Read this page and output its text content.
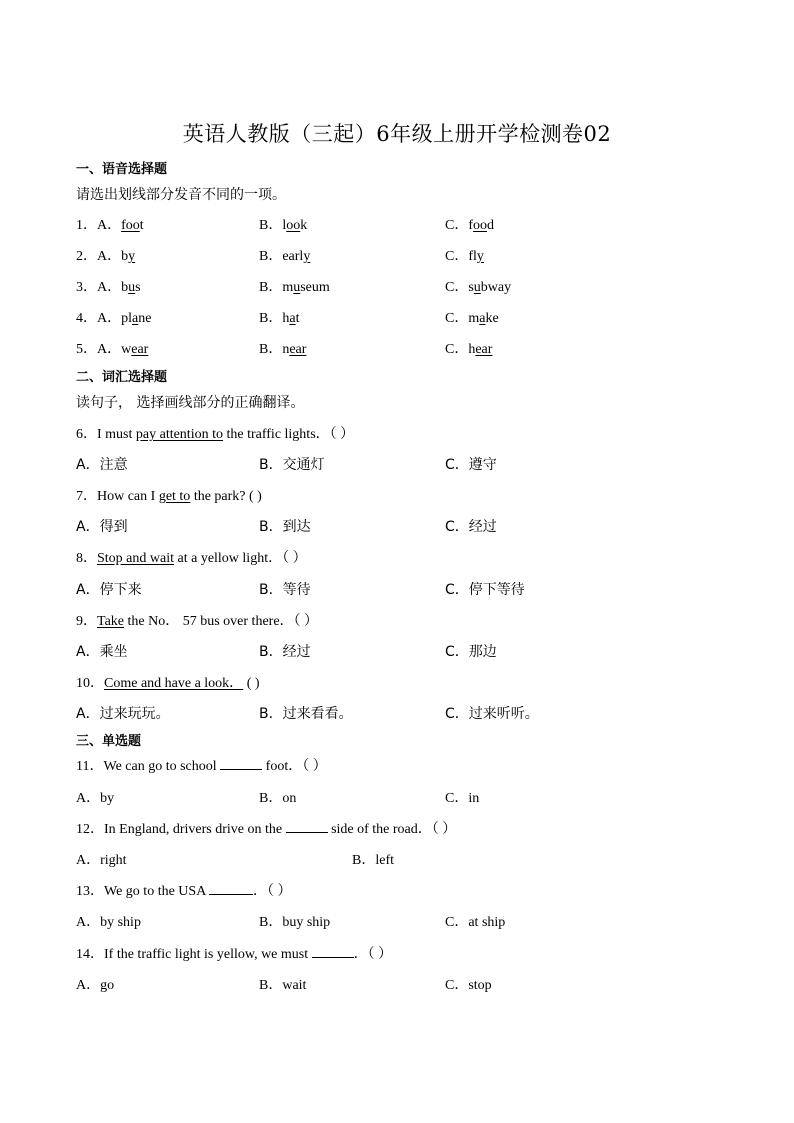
英语人教版（三起）6年级上册开学检测卷02
一、语音选择题
请选出划线部分发音不同的一项。
1．A．foot	B．look	C．food
2．A．by	B．early	C．fly
3．A．bus	B．museum	C．subway
4．A．plane	B．hat	C．make
5．A．wear	B．near	C．hear
二、词汇选择题
读句子， 选择画线部分的正确翻译。
6．I must pay attention to the traffic lights．（ ）
A．注意	B．交通灯	C．遵守
7．How can I get to the park? ( )
A．得到	B．到达	C．经过
8．Stop and wait at a yellow light．（ ）
A．停下来	B．等待	C．停下等待
9．Take the No． 57 bus over there．（ ）
A．乘坐	B．经过	C．那边
10．Come and have a look． ( )
A．过来玩玩。	B．过来看看。	C．过来听听。
三、单选题
11．We can go to school	foot．（ ）
A．by	B．on	C．in
12．In England, drivers drive on the	side of the road．（ ）
A．right	B．left
13．We go to the USA	．（ ）
A．by ship	B．buy ship	C．at ship
14．If the traffic light is yellow, we must	．（ ）
A．go	B．wait	C．stop
